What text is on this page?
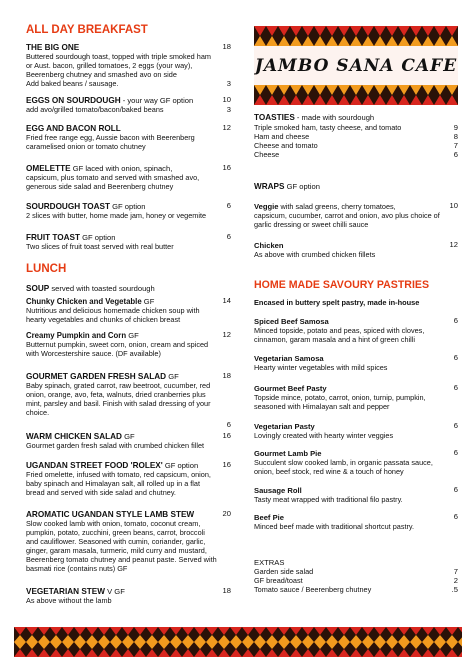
ALL DAY BREAKFAST
THE BIG ONE	18
Buttered sourdough toast, topped with triple smoked ham or Aust. bacon, grilled tomatoes, 2 eggs (your way), Beerenberg chutney and smashed avo on side
Add baked beans / sausage.	3
EGGS ON SOURDOUGH - your way GF option	10
add avo/grilled tomato/bacon/baked beans	3
EGG AND BACON ROLL	12
Fried free range egg, Aussie bacon with Beerenberg caramelised onion or tomato chutney
OMELETTE GF laced with onion, spinach,	16
capsicum, plus tomato and served with smashed avo, generous side salad and Beerenberg chutney
SOURDOUGH TOAST GF option	6
2 slices with butter, home made jam, honey or vegemite
FRUIT TOAST GF option	6
Two slices of fruit toast served with real butter
LUNCH
SOUP served with toasted sourdough
Chunky Chicken and Vegetable GF	14
Nutritious and delicious homemade chicken soup with hearty vegetables and chunks of chicken breast
Creamy Pumpkin and Corn GF	12
Butternut pumpkin, sweet corn, onion, cream and spiced with Worcestershire sauce. (DF available)
GOURMET GARDEN FRESH SALAD GF	18
Baby spinach, grated carrot, raw beetroot, cucumber, red onion, orange, avo, feta, walnuts, dried cranberries plus mint, parsley and basil. Finish with salad dressing of your choice.
6
WARM CHICKEN SALAD GF	16
Gourmet garden fresh salad with crumbed chicken fillet
UGANDAN STREET FOOD 'ROLEX' GF option	16
Fried omelette, infused with tomato, red capsicum, onion, baby spinach and Himalayan salt, all rolled up in a flat bread and served with side salad and chutney.
AROMATIC UGANDAN STYLE LAMB STEW	20
Slow cooked lamb with onion, tomato, coconut cream, pumpkin, potato, zucchini, green beans, carrot, broccoli and cauliflower. Seasoned with cumin, coriander, garlic, ginger, garam masala, turmeric, mild curry and mustard, Beerenberg tomato chutney and peanut paste. Served with basmati rice (contains nuts) GF
VEGETARIAN STEW V GF	18
As above without the lamb
JAMBO SANA CAFE
TOASTIES - made with sourdough
Triple smoked ham, tasty cheese, and tomato	9
Ham and cheese	8
Cheese and tomato	7
Cheese	6
WRAPS GF option
Veggie with salad greens, cherry tomatoes,	10
capsicum, cucumber, carrot and onion, avo plus choice of garlic dressing or sweet chilli sauce
Chicken	12
As above with crumbed chicken fillets
HOME MADE SAVOURY PASTRIES
Encased in buttery spelt pastry, made in-house
Spiced Beef Samosa	6
Minced topside, potato and peas, spiced with cloves, cinnamon, garam masala and a hint of green chilli
Vegetarian Samosa	6
Hearty winter vegetables with mild spices
Gourmet Beef Pasty	6
Topside mince, potato, carrot, onion, turnip, pumpkin, seasoned with Himalayan salt and pepper
Vegetarian Pasty	6
Lovingly created with hearty winter veggies
Gourmet Lamb Pie	6
Succulent slow cooked lamb, in organic passata sauce, onion, beef stock, red wine & a touch of honey
Sausage Roll	6
Tasty meat wrapped with traditional filo pastry.
Beef Pie	6
Minced beef made with traditional shortcut pastry.
EXTRAS
Garden side salad	7
GF bread/toast	2
Tomato sauce / Beerenberg chutney	.5
